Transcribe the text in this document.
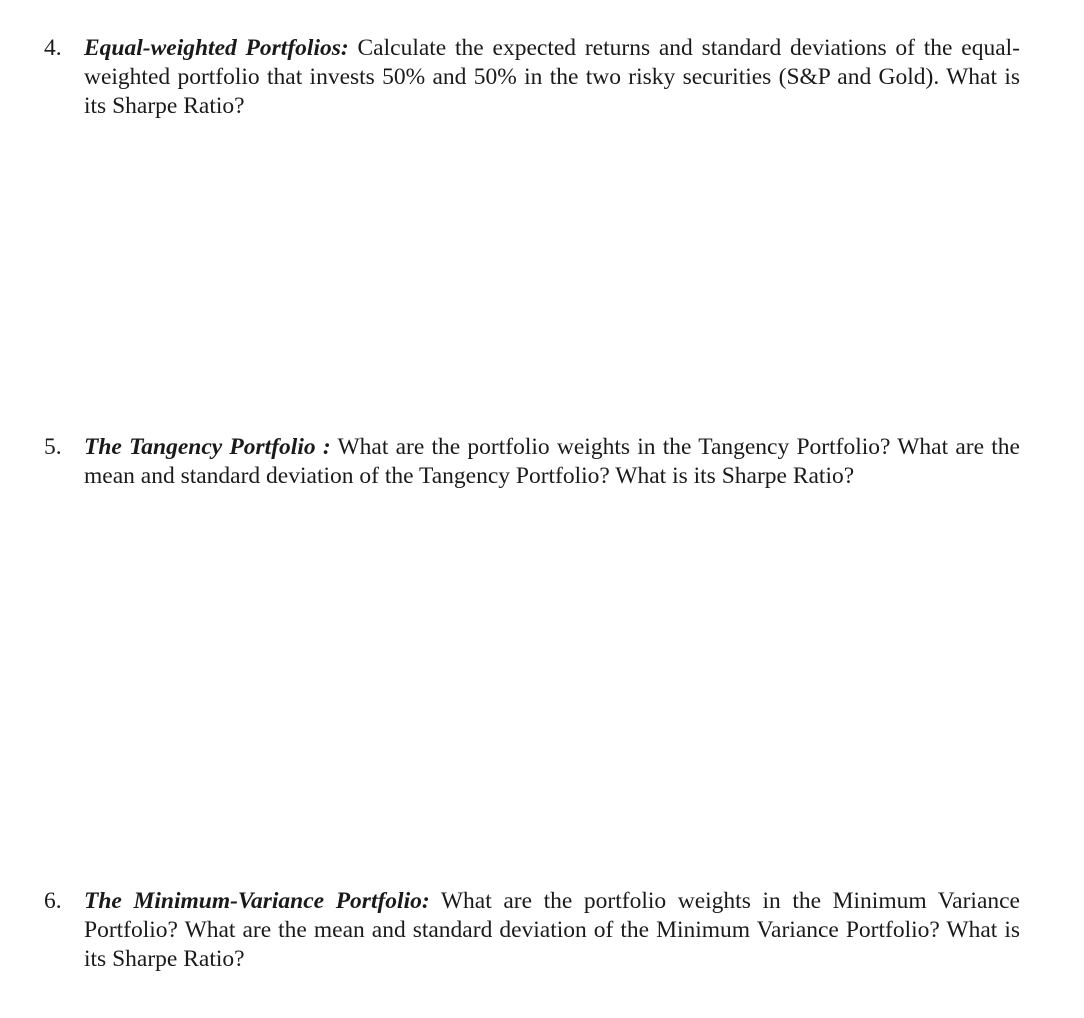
4. Equal-weighted Portfolios: Calculate the expected returns and standard deviations of the equal-weighted portfolio that invests 50% and 50% in the two risky securities (S&P and Gold). What is its Sharpe Ratio?
5. The Tangency Portfolio : What are the portfolio weights in the Tangency Portfolio? What are the mean and standard deviation of the Tangency Portfolio? What is its Sharpe Ratio?
6. The Minimum-Variance Portfolio: What are the portfolio weights in the Minimum Variance Portfolio? What are the mean and standard deviation of the Minimum Variance Portfolio? What is its Sharpe Ratio?
